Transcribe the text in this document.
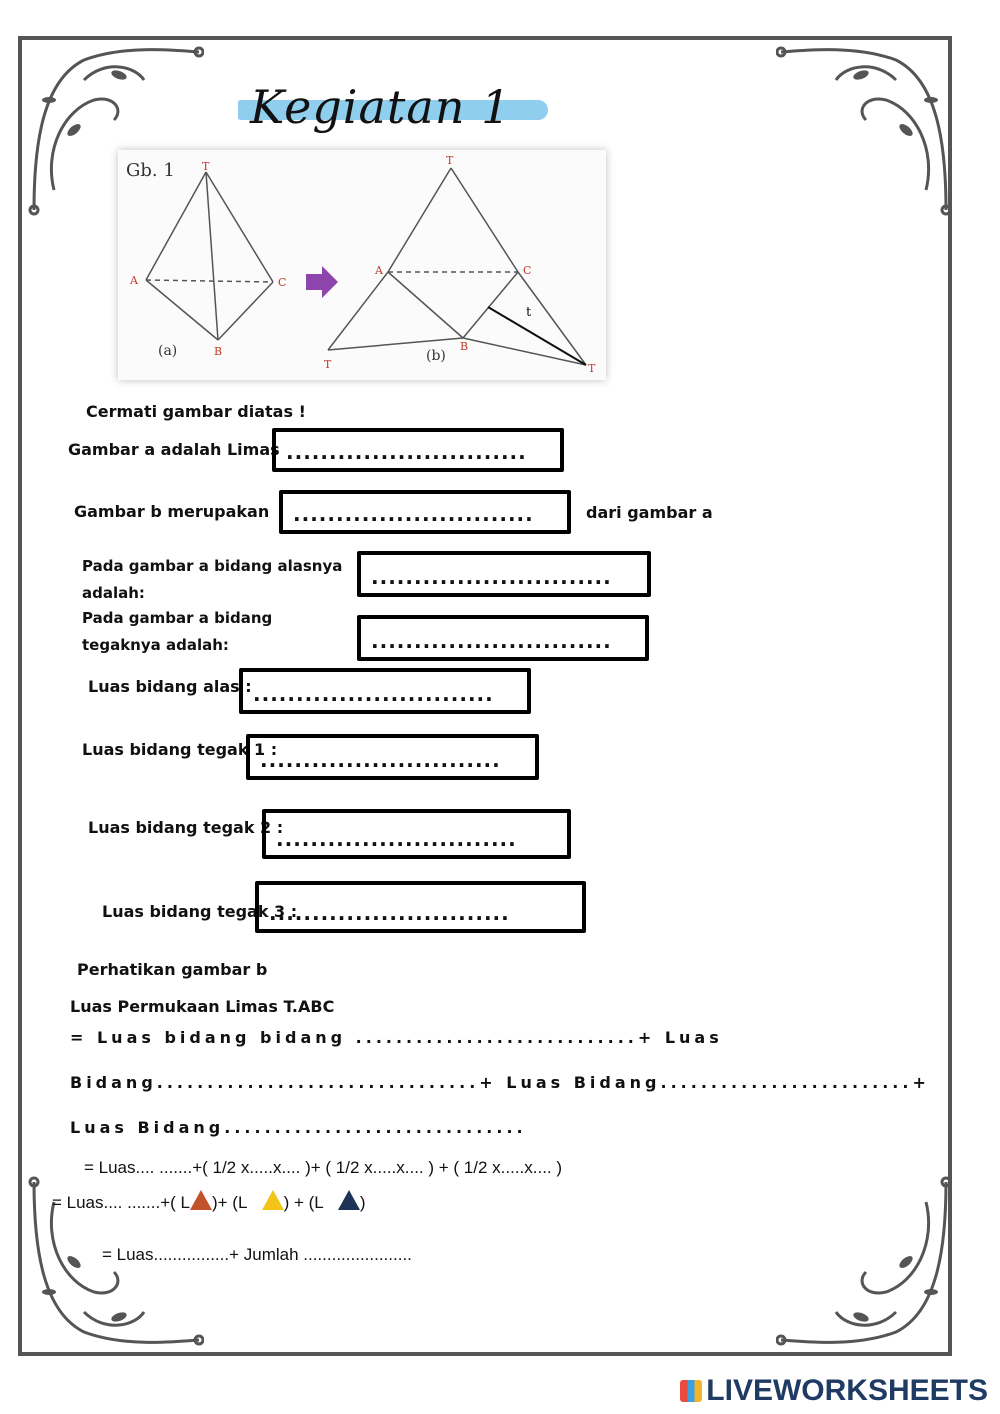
Kegiatan 1
Gb. 1 T
A	C
B
(a)
T
A	C
B
T	T
t
(b)
Cermati gambar diatas !
Gambar a adalah Limas ............................
Gambar b merupakan ............................	dari gambar a
Pada gambar a bidang alasnya adalah:
............................
Pada gambar a bidang tegaknya adalah:	............................
Luas bidang alas : ............................
Luas bidang tegak 1 :
............................
Luas bidang tegak 2 :
............................
Luas bidang tegak 3 :
............................
Perhatikan gambar b
Luas Permukaan Limas T.ABC
= Luas bidang bidang ............................+ Luas
Bidang................................+ Luas Bidang.........................+
Luas Bidang..............................
= Luas.... .......+( 1/2 x.....x.... )+ ( 1/2 x.....x.... ) + ( 1/2 x.....x.... )
= Luas.... .......+( L )+ (L ) + (L )
= Luas................+ Jumlah .......................
LIVEWORKSHEETS
